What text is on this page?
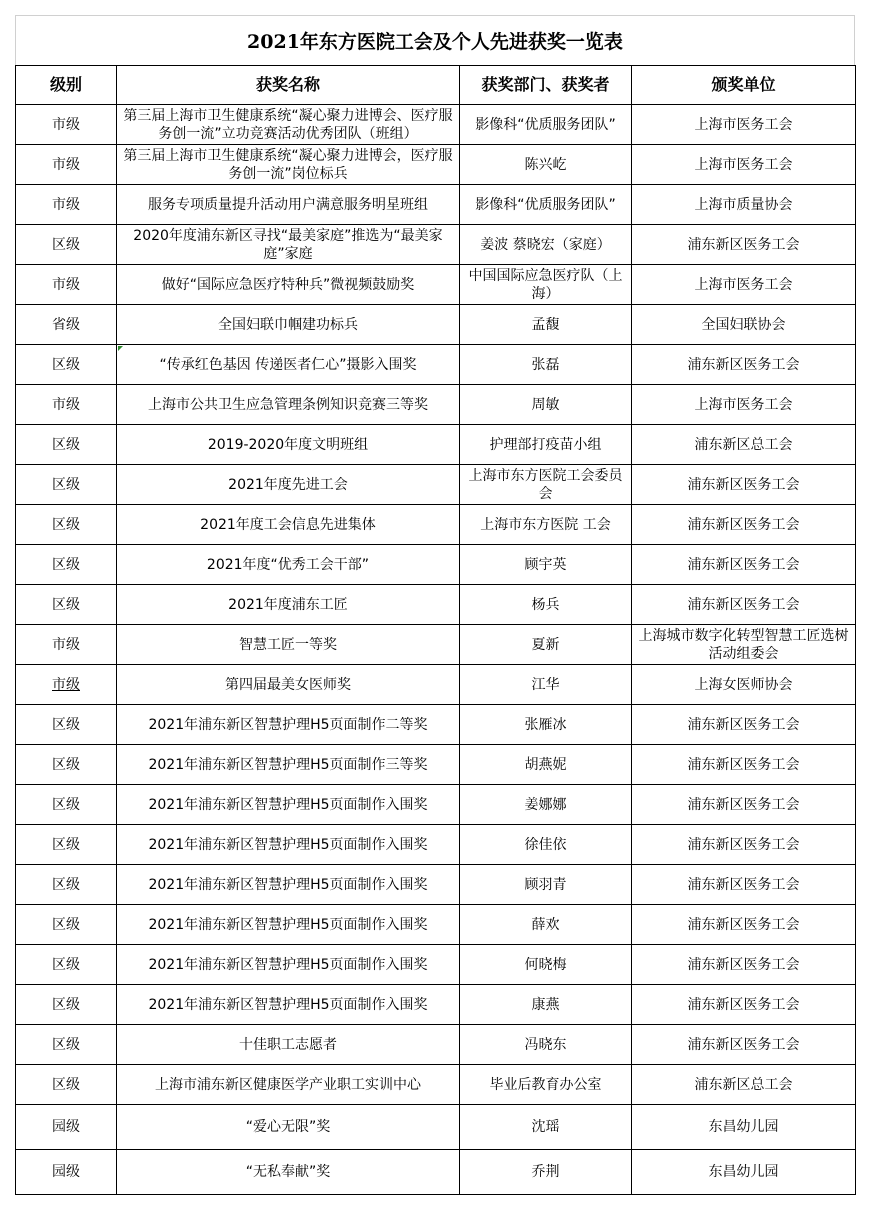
2021年东方医院工会及个人先进获奖一览表
级别	获奖名称	获奖部门、获奖者	颁奖单位
市级	第三届上海市卫生健康系统“凝心聚力进博会、医疗服务创一流”立功竞赛活动优秀团队（班组）	影像科“优质服务团队”	上海市医务工会
市级	第三届上海市卫生健康系统“凝心聚力进博会，医疗服务创一流”岗位标兵	陈兴屹	上海市医务工会
市级	服务专项质量提升活动用户满意服务明星班组	影像科“优质服务团队”	上海市质量协会
区级	2020年度浦东新区寻找“最美家庭”推选为“最美家庭”家庭	姜波 蔡晓宏（家庭）	浦东新区医务工会
市级	做好“国际应急医疗特种兵”微视频鼓励奖	中国国际应急医疗队（上海）	上海市医务工会
省级	全国妇联巾帼建功标兵	孟馥	全国妇联协会
区级	“传承红色基因 传递医者仁心”摄影入围奖	张磊	浦东新区医务工会
市级	上海市公共卫生应急管理条例知识竞赛三等奖	周敏	上海市医务工会
区级	2019-2020年度文明班组	护理部打疫苗小组	浦东新区总工会
区级	2021年度先进工会	上海市东方医院工会委员会	浦东新区医务工会
区级	2021年度工会信息先进集体	上海市东方医院 工会	浦东新区医务工会
区级	2021年度“优秀工会干部”	顾宇英	浦东新区医务工会
区级	2021年度浦东工匠	杨兵	浦东新区医务工会
市级	智慧工匠一等奖	夏新	上海城市数字化转型智慧工匠选树活动组委会
市级	第四届最美女医师奖	江华	上海女医师协会
区级	2021年浦东新区智慧护理H5页面制作二等奖	张雁冰	浦东新区医务工会
区级	2021年浦东新区智慧护理H5页面制作三等奖	胡燕妮	浦东新区医务工会
区级	2021年浦东新区智慧护理H5页面制作入围奖	姜娜娜	浦东新区医务工会
区级	2021年浦东新区智慧护理H5页面制作入围奖	徐佳依	浦东新区医务工会
区级	2021年浦东新区智慧护理H5页面制作入围奖	顾羽青	浦东新区医务工会
区级	2021年浦东新区智慧护理H5页面制作入围奖	薛欢	浦东新区医务工会
区级	2021年浦东新区智慧护理H5页面制作入围奖	何晓梅	浦东新区医务工会
区级	2021年浦东新区智慧护理H5页面制作入围奖	康燕	浦东新区医务工会
区级	十佳职工志愿者	冯晓东	浦东新区医务工会
区级	上海市浦东新区健康医学产业职工实训中心	毕业后教育办公室	浦东新区总工会
园级	“爱心无限”奖	沈瑶	东昌幼儿园
园级	“无私奉献”奖	乔荆	东昌幼儿园
